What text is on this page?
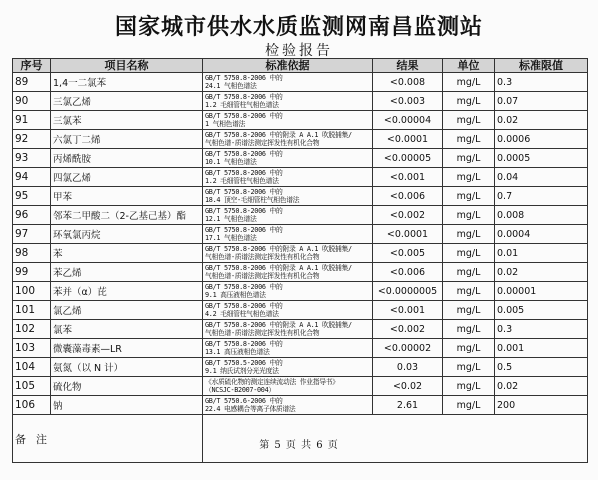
国家城市供水水质监测网南昌监测站
检验报告
序号	项目名称	标准依据	结果	单位	标准限值
89	1,4一二氯苯	GB/T 5750.8-2006 中的
24.1 气相色谱法	<0.008	mg/L	0.3
90	三氯乙烯	GB/T 5750.8-2006 中的
1.2 毛细管柱气相色谱法	<0.003	mg/L	0.07
91	三氯苯	GB/T 5750.8-2006 中的
1 气相色谱法	<0.00004	mg/L	0.02
92	六氯丁二烯	GB/T 5750.8-2006 中的附录 A A.1 吹脱捕集/
气相色谱-质谱法测定挥发性有机化合物	<0.0001	mg/L	0.0006
93	丙烯酰胺	GB/T 5750.8-2006 中的
10.1 气相色谱法	<0.00005	mg/L	0.0005
94	四氯乙烯	GB/T 5750.8-2006 中的
1.2 毛细管柱气相色谱法	<0.001	mg/L	0.04
95	甲苯	GB/T 5750.8-2006 中的
18.4 顶空-毛细管柱气相色谱法	<0.006	mg/L	0.7
96	邻苯二甲酸二（2-乙基己基）酯	GB/T 5750.8-2006 中的
12.1 气相色谱法	<0.002	mg/L	0.008
97	环氧氯丙烷	GB/T 5750.8-2006 中的
17.1 气相色谱法	<0.0001	mg/L	0.0004
98	苯	GB/T 5750.8-2006 中的附录 A A.1 吹脱捕集/
气相色谱-质谱法测定挥发性有机化合物	<0.005	mg/L	0.01
99	苯乙烯	GB/T 5750.8-2006 中的附录 A A.1 吹脱捕集/
气相色谱-质谱法测定挥发性有机化合物	<0.006	mg/L	0.02
100	苯并（α）芘	GB/T 5750.8-2006 中的
9.1 高压液相色谱法	<0.0000005	mg/L	0.00001
101	氯乙烯	GB/T 5750.8-2006 中的
4.2 毛细管柱气相色谱法	<0.001	mg/L	0.005
102	氯苯	GB/T 5750.8-2006 中的附录 A A.1 吹脱捕集/
气相色谱-质谱法测定挥发性有机化合物	<0.002	mg/L	0.3
103	微囊藻毒素—LR	GB/T 5750.8-2006 中的
13.1 高压液相色谱法	<0.00002	mg/L	0.001
104	氨氮（以 N 计）	GB/T 5750.5-2006 中的
9.1 纳氏试剂分光光度法	0.03	mg/L	0.5
105	硫化物	《水质硫化物的测定连续流动法 作业指导书》
（NCSJC-B2007-004）	<0.02	mg/L	0.02
106	钠	GB/T 5750.6-2006 中的
22.4 电感耦合等离子体质谱法	2.61	mg/L	200
备注						第 5 页 共 6 页
